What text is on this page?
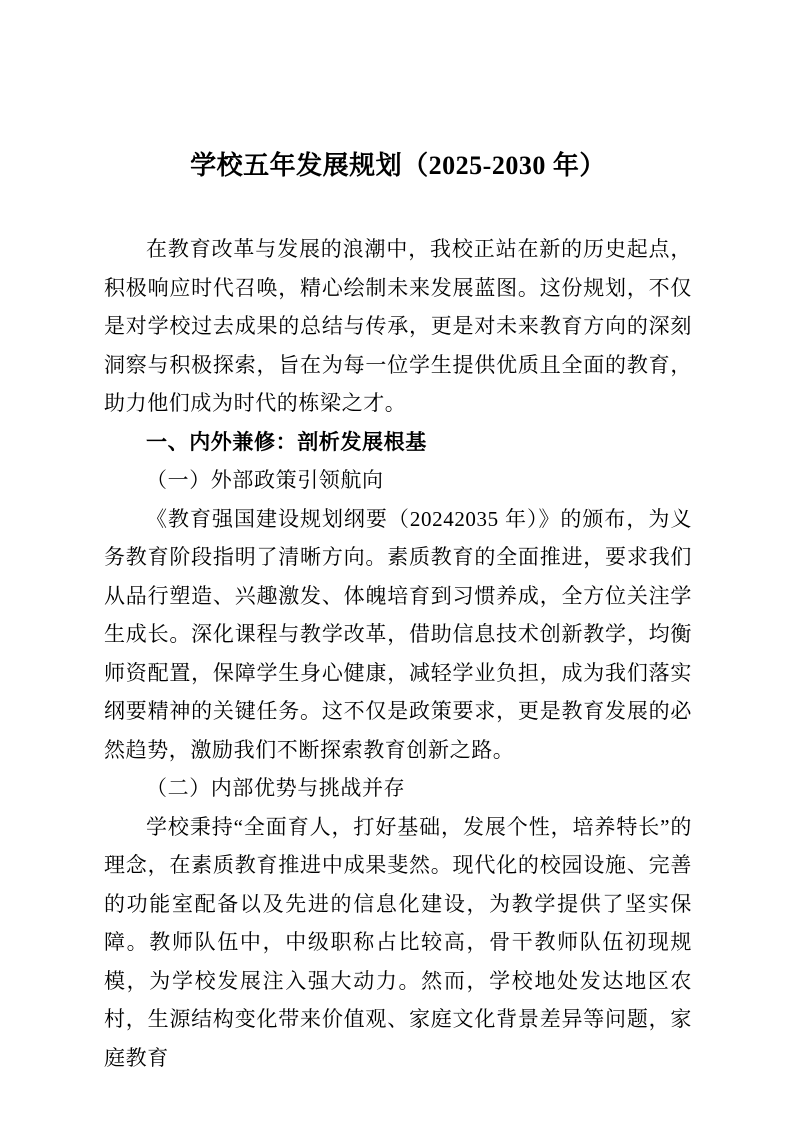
学校五年发展规划（2025-2030 年）

在教育改革与发展的浪潮中，我校正站在新的历史起点，积极响应时代召唤，精心绘制未来发展蓝图。这份规划，不仅是对学校过去成果的总结与传承，更是对未来教育方向的深刻洞察与积极探索，旨在为每一位学生提供优质且全面的教育，助力他们成为时代的栋梁之才。

一、内外兼修：剖析发展根基

（一）外部政策引领航向

《教育强国建设规划纲要（20242035 年）》的颁布，为义务教育阶段指明了清晰方向。素质教育的全面推进，要求我们从品行塑造、兴趣激发、体魄培育到习惯养成，全方位关注学生成长。深化课程与教学改革，借助信息技术创新教学，均衡师资配置，保障学生身心健康，减轻学业负担，成为我们落实纲要精神的关键任务。这不仅是政策要求，更是教育发展的必然趋势，激励我们不断探索教育创新之路。

（二）内部优势与挑战并存

学校秉持“全面育人，打好基础，发展个性，培养特长”的理念，在素质教育推进中成果斐然。现代化的校园设施、完善的功能室配备以及先进的信息化建设，为教学提供了坚实保障。教师队伍中，中级职称占比较高，骨干教师队伍初现规模，为学校发展注入强大动力。然而，学校地处发达地区农村，生源结构变化带来价值观、家庭文化背景差异等问题，家庭教育
